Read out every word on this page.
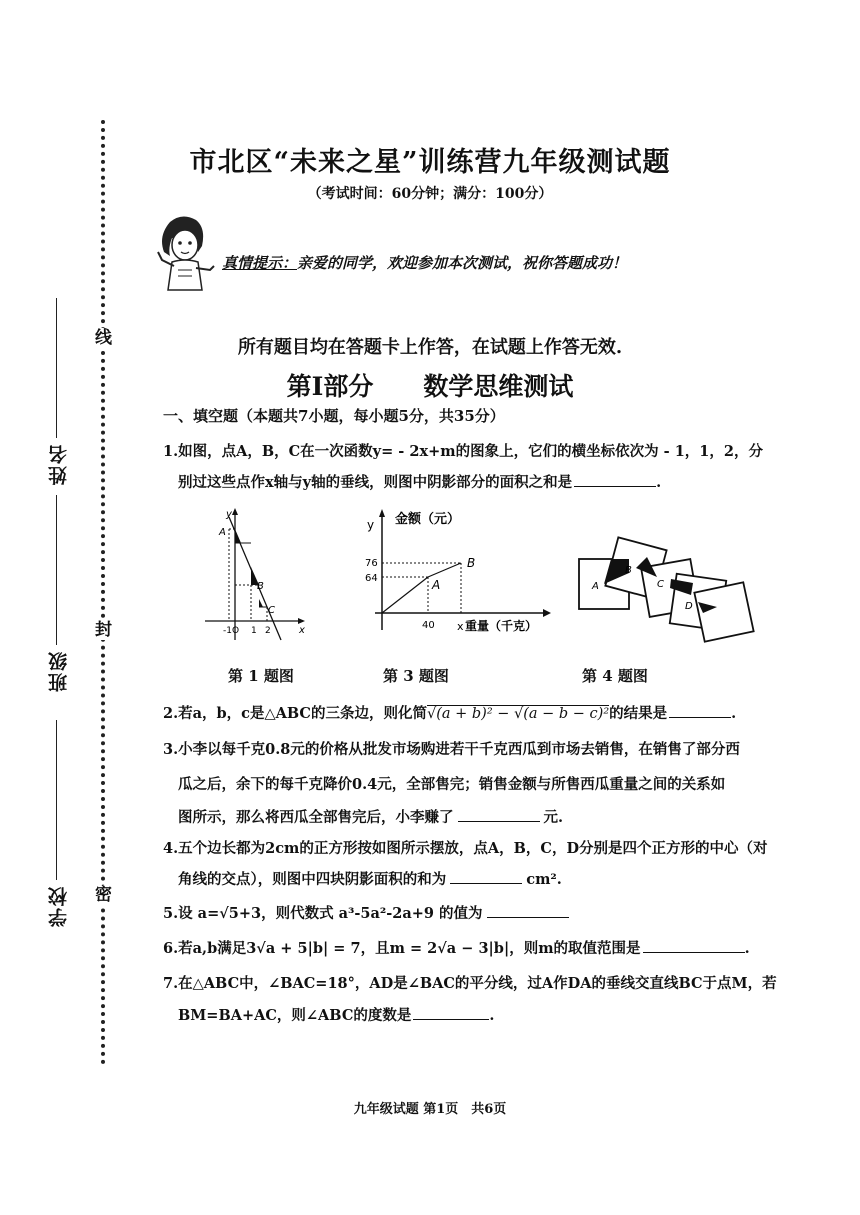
线
封
密
姓名
班级
学校
市北区“未来之星”训练营九年级测试题
（考试时间：60分钟；满分：100分）
真情提示：亲爱的同学，欢迎参加本次测试，祝你答题成功！
所有题目均在答题卡上作答，在试题上作答无效.
第Ⅰ部分 数学思维测试
一、填空题（本题共7小题，每小题5分，共35分）
1.如图，点A，B，C在一次函数y= - 2x+m的图象上，它们的横坐标依次为 - 1，1，2，分
别过这些点作x轴与y轴的垂线，则图中阴影部分的面积之和是	.
y
x
A
B
C
-1O 1 2
y 金额（元）
76
64
40
B
A
x 重量（千克）
A
B
C
D
第 1 题图	第 3 题图	第 4 题图
2.若a，b，c是△ABC的三条边，则化简√(a + b)² − √(a − b − c)²的结果是	.
3.小李以每千克0.8元的价格从批发市场购进若干千克西瓜到市场去销售，在销售了部分西
瓜之后，余下的每千克降价0.4元，全部售完；销售金额与所售西瓜重量之间的关系如
图所示，那么将西瓜全部售完后，小李赚了	元.
4.五个边长都为2cm的正方形按如图所示摆放，点A，B，C，D分别是四个正方形的中心（对
角线的交点），则图中四块阴影面积的和为	cm².
5.设 a=√5+3，则代数式 a³-5a²-2a+9 的值为
6.若a,b满足3√a + 5|b| = 7，且m = 2√a − 3|b|，则m的取值范围是	.
7.在△ABC中，∠BAC=18°，AD是∠BAC的平分线，过A作DA的垂线交直线BC于点M，若
BM=BA+AC，则∠ABC的度数是	.
九年级试题 第1页　共6页
